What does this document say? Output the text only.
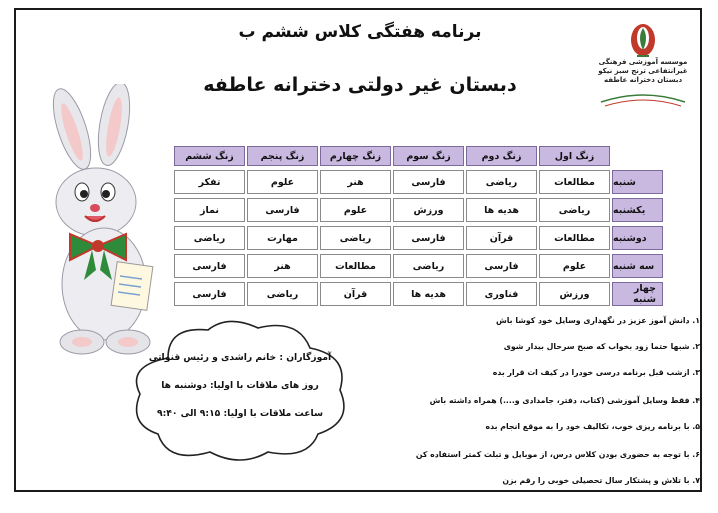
برنامه هفتگی کلاس ششم ب
دبستان غیر دولتی دخترانه عاطفه
موسسه آموزشی فرهنگی
غیرانتفاعی ترنج سبز نیکو
دبستان دخترانه عاطفه
زنگ اول
زنگ دوم
زنگ سوم
زنگ چهارم
زنگ پنجم
زنگ ششم
شنبه
مطالعات
ریاضی
فارسی
هنر
علوم
تفکر
یکشنبه
ریاضی
هدیه ها
ورزش
علوم
فارسی
نماز
دوشنبه
مطالعات
قرآن
فارسی
ریاضی
مهارت
ریاضی
سه شنبه
علوم
فارسی
ریاضی
مطالعات
هنر
فارسی
چهار شنبه
ورزش
فناوری
هدیه ها
قرآن
ریاضی
فارسی
۱. دانش آموز عزیز در نگهداری وسایل خود کوشا باش
۲. شبها حتما زود بخواب که صبح سرحال بیدار شوی
۳. ازشب قبل برنامه درسی خودرا در کیف ات قرار بده
۴. فقط وسایل آموزشی (کتاب، دفتر، جامدادی و....) همراه داشته باش
۵. با برنامه ریزی خوب، تکالیف خود را به موقع انجام بده
۶. با توجه به حضوری بودن کلاس درس، از موبایل و تبلت کمتر استفاده کن
۷. با تلاش و پشتکار سال تحصیلی خوبی را رقم بزن
آموزگاران : خانم راشدی و رئیس قنواتی
روز های ملاقات با اولیا: دوشنبه ها
ساعت ملاقات با اولیا: ۹:۱۵ الی ۹:۴۰
